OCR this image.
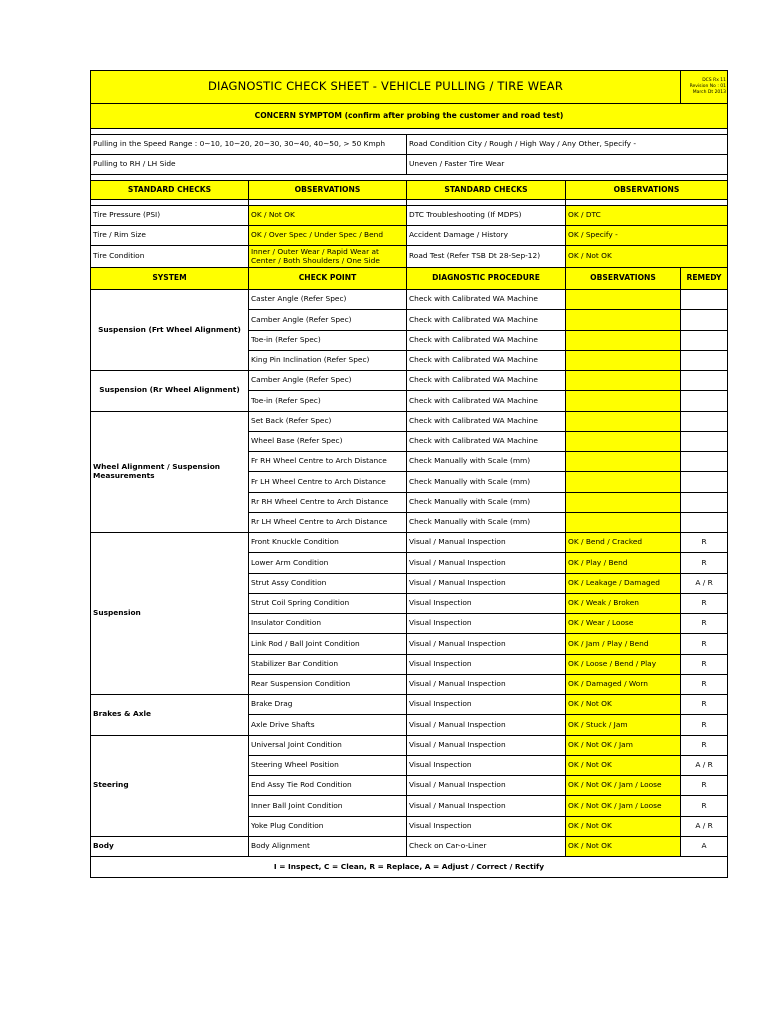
DIAGNOSTIC CHECK SHEET - VEHICLE PULLING / TIRE WEAR				DCS Rx 11
Revision No : 01
March Dt 2013

CONCERN SYMPTOM (confirm after probing the customer and road test)				

Pulling in the Speed Range : 0~10, 10~20, 20~30, 30~40, 40~50, > 50 Kmph		Road Condition City / Rough / High Way / Any Other, Specify -		
Pulling to RH / LH Side		Uneven / Faster Tire Wear		

STANDARD CHECKS	OBSERVATIONS	STANDARD CHECKS	OBSERVATIONS	

Tire Pressure (PSI)	OK / Not OK	DTC Troubleshooting (If MDPS)	OK / DTC	
Tire / Rim Size	OK / Over Spec / Under Spec / Bend	Accident Damage / History	OK / Specify -	
Tire Condition	Inner / Outer Wear / Rapid Wear at Center / Both Shoulders / One Side	Road Test (Refer TSB Dt 28-Sep-12)	OK / Not OK	
SYSTEM	CHECK POINT	DIAGNOSTIC PROCEDURE	OBSERVATIONS	REMEDY
Suspension (Frt Wheel Alignment)	Caster Angle (Refer Spec)	Check with Calibrated WA Machine		
	Camber Angle (Refer Spec)	Check with Calibrated WA Machine		
	Toe-in (Refer Spec)	Check with Calibrated WA Machine		
	King Pin Inclination (Refer Spec)	Check with Calibrated WA Machine		
Suspension (Rr Wheel Alignment)	Camber Angle (Refer Spec)	Check with Calibrated WA Machine		
	Toe-in (Refer Spec)	Check with Calibrated WA Machine		
Wheel Alignment / Suspension Measurements	Set Back (Refer Spec)	Check with Calibrated WA Machine		
	Wheel Base (Refer Spec)	Check with Calibrated WA Machine		
	Fr RH Wheel Centre to Arch Distance	Check Manually with Scale (mm)		
	Fr LH Wheel Centre to Arch Distance	Check Manually with Scale (mm)		
	Rr RH Wheel Centre to Arch Distance	Check Manually with Scale (mm)		
	Rr LH Wheel Centre to Arch Distance	Check Manually with Scale (mm)		
Suspension	Front Knuckle Condition	Visual / Manual Inspection	OK / Bend / Cracked	R
	Lower Arm Condition	Visual / Manual Inspection	OK / Play / Bend	R
	Strut Assy Condition	Visual / Manual Inspection	OK / Leakage / Damaged	A / R
	Strut Coil Spring Condition	Visual Inspection	OK / Weak / Broken	R
	Insulator Condition	Visual Inspection	OK / Wear / Loose	R
	Link Rod / Ball Joint Condition	Visual / Manual Inspection	OK / Jam / Play / Bend	R
	Stabilizer Bar Condition	Visual Inspection	OK / Loose / Bend / Play	R
	Rear Suspension Condition	Visual / Manual Inspection	OK / Damaged / Worn	R
Brakes & Axle	Brake Drag	Visual Inspection	OK / Not OK	R
	Axle Drive Shafts	Visual / Manual Inspection	OK / Stuck / Jam	R
Steering	Universal Joint Condition	Visual / Manual Inspection	OK / Not OK / Jam	R
	Steering Wheel Position	Visual Inspection	OK / Not OK	A / R
	End Assy Tie Rod Condition	Visual / Manual Inspection	OK / Not OK / Jam / Loose	R
	Inner Ball Joint Condition	Visual / Manual Inspection	OK / Not OK / Jam / Loose	R
	Yoke Plug Condition	Visual Inspection	OK / Not OK	A / R
Body	Body Alignment	Check on Car-o-Liner	OK / Not OK	A
I = Inspect, C = Clean, R = Replace, A = Adjust / Correct / Rectify				
